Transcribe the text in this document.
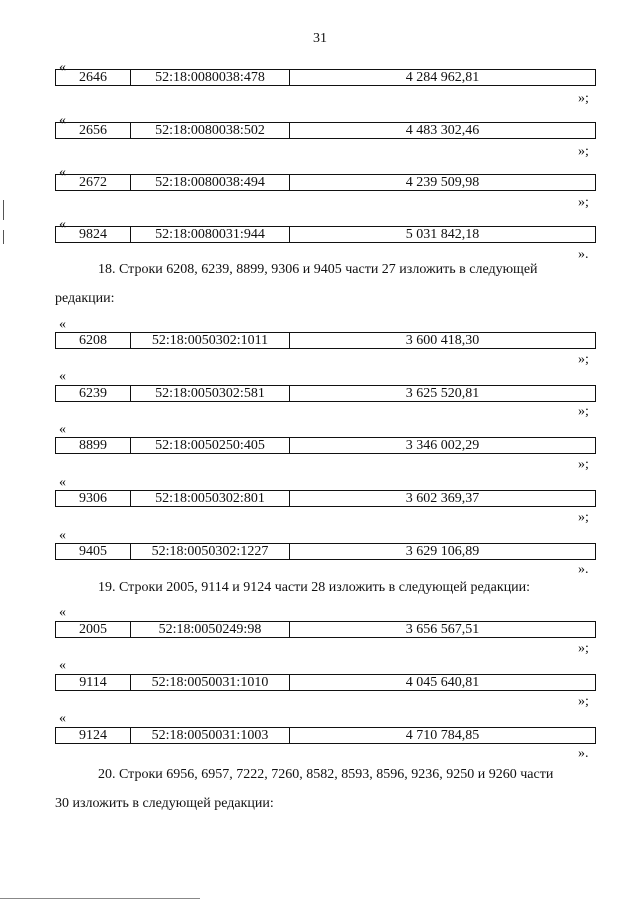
31
«
2646	52:18:0080038:478	4 284 962,81
»;
«
2656	52:18:0080038:502	4 483 302,46
»;
«
2672	52:18:0080038:494	4 239 509,98
»;
«
9824	52:18:0080031:944	5 031 842,18
».
18. Строки 6208, 6239, 8899, 9306 и 9405 части 27 изложить в следующей
редакции:
«
6208	52:18:0050302:1011	3 600 418,30
»;
«
6239	52:18:0050302:581	3 625 520,81
»;
«
8899	52:18:0050250:405	3 346 002,29
»;
«
9306	52:18:0050302:801	3 602 369,37
»;
«
9405	52:18:0050302:1227	3 629 106,89
».
19. Строки 2005, 9114 и 9124 части 28 изложить в следующей редакции:
«
2005	52:18:0050249:98	3 656 567,51
»;
«
9114	52:18:0050031:1010	4 045 640,81
»;
«
9124	52:18:0050031:1003	4 710 784,85
».
20. Строки 6956, 6957, 7222, 7260, 8582, 8593, 8596, 9236, 9250 и 9260 части
30 изложить в следующей редакции:
